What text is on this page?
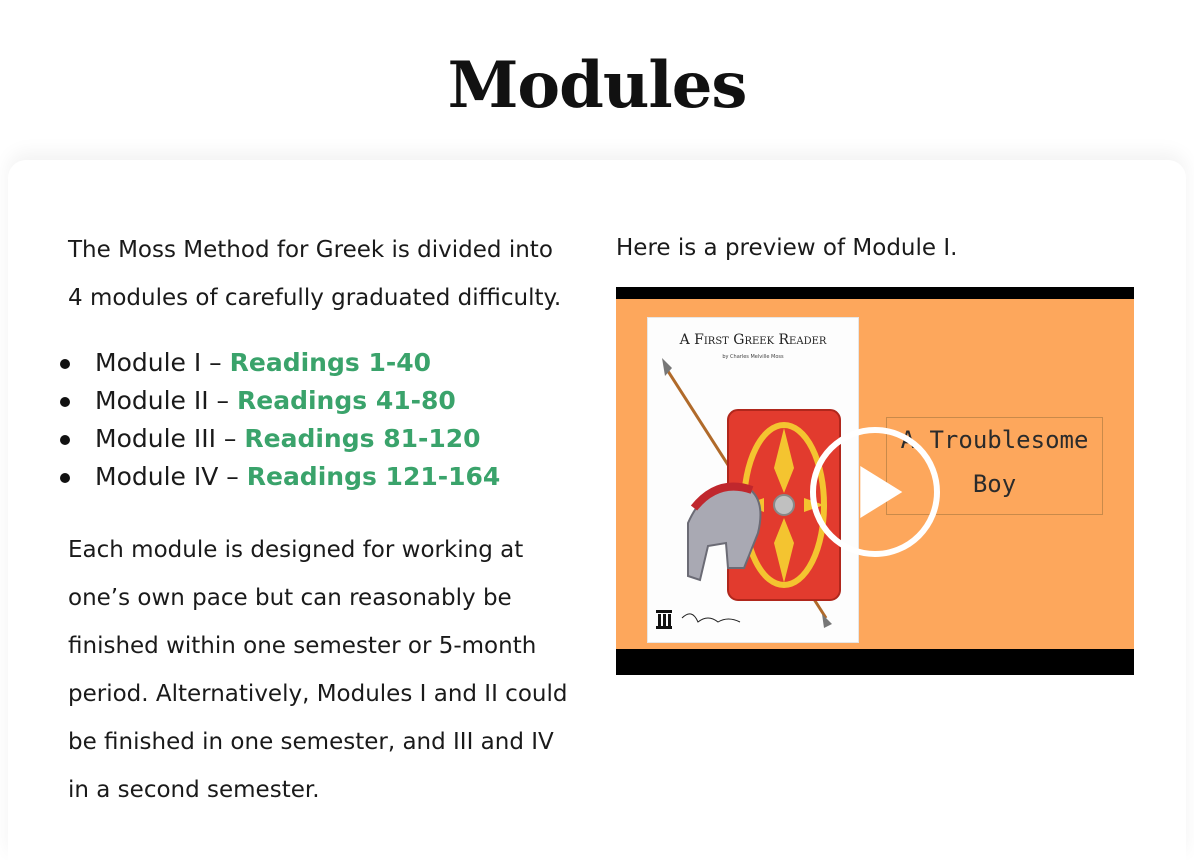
Modules

The Moss Method for Greek is divided into

4 modules of carefully graduated difficulty.

Module I – Readings 1-40
Module II – Readings 41-80
Module III – Readings 81-120
Module IV – Readings 121-164
Each module is designed for working at
one’s own pace but can reasonably be
finished within one semester or 5-month
period. Alternatively, Modules I and II could
be finished in one semester, and III and IV
in a second semester.

Here is a preview of Module I.

A First Greek Reader
by Charles Melville Moss
A Troublesome
Boy
